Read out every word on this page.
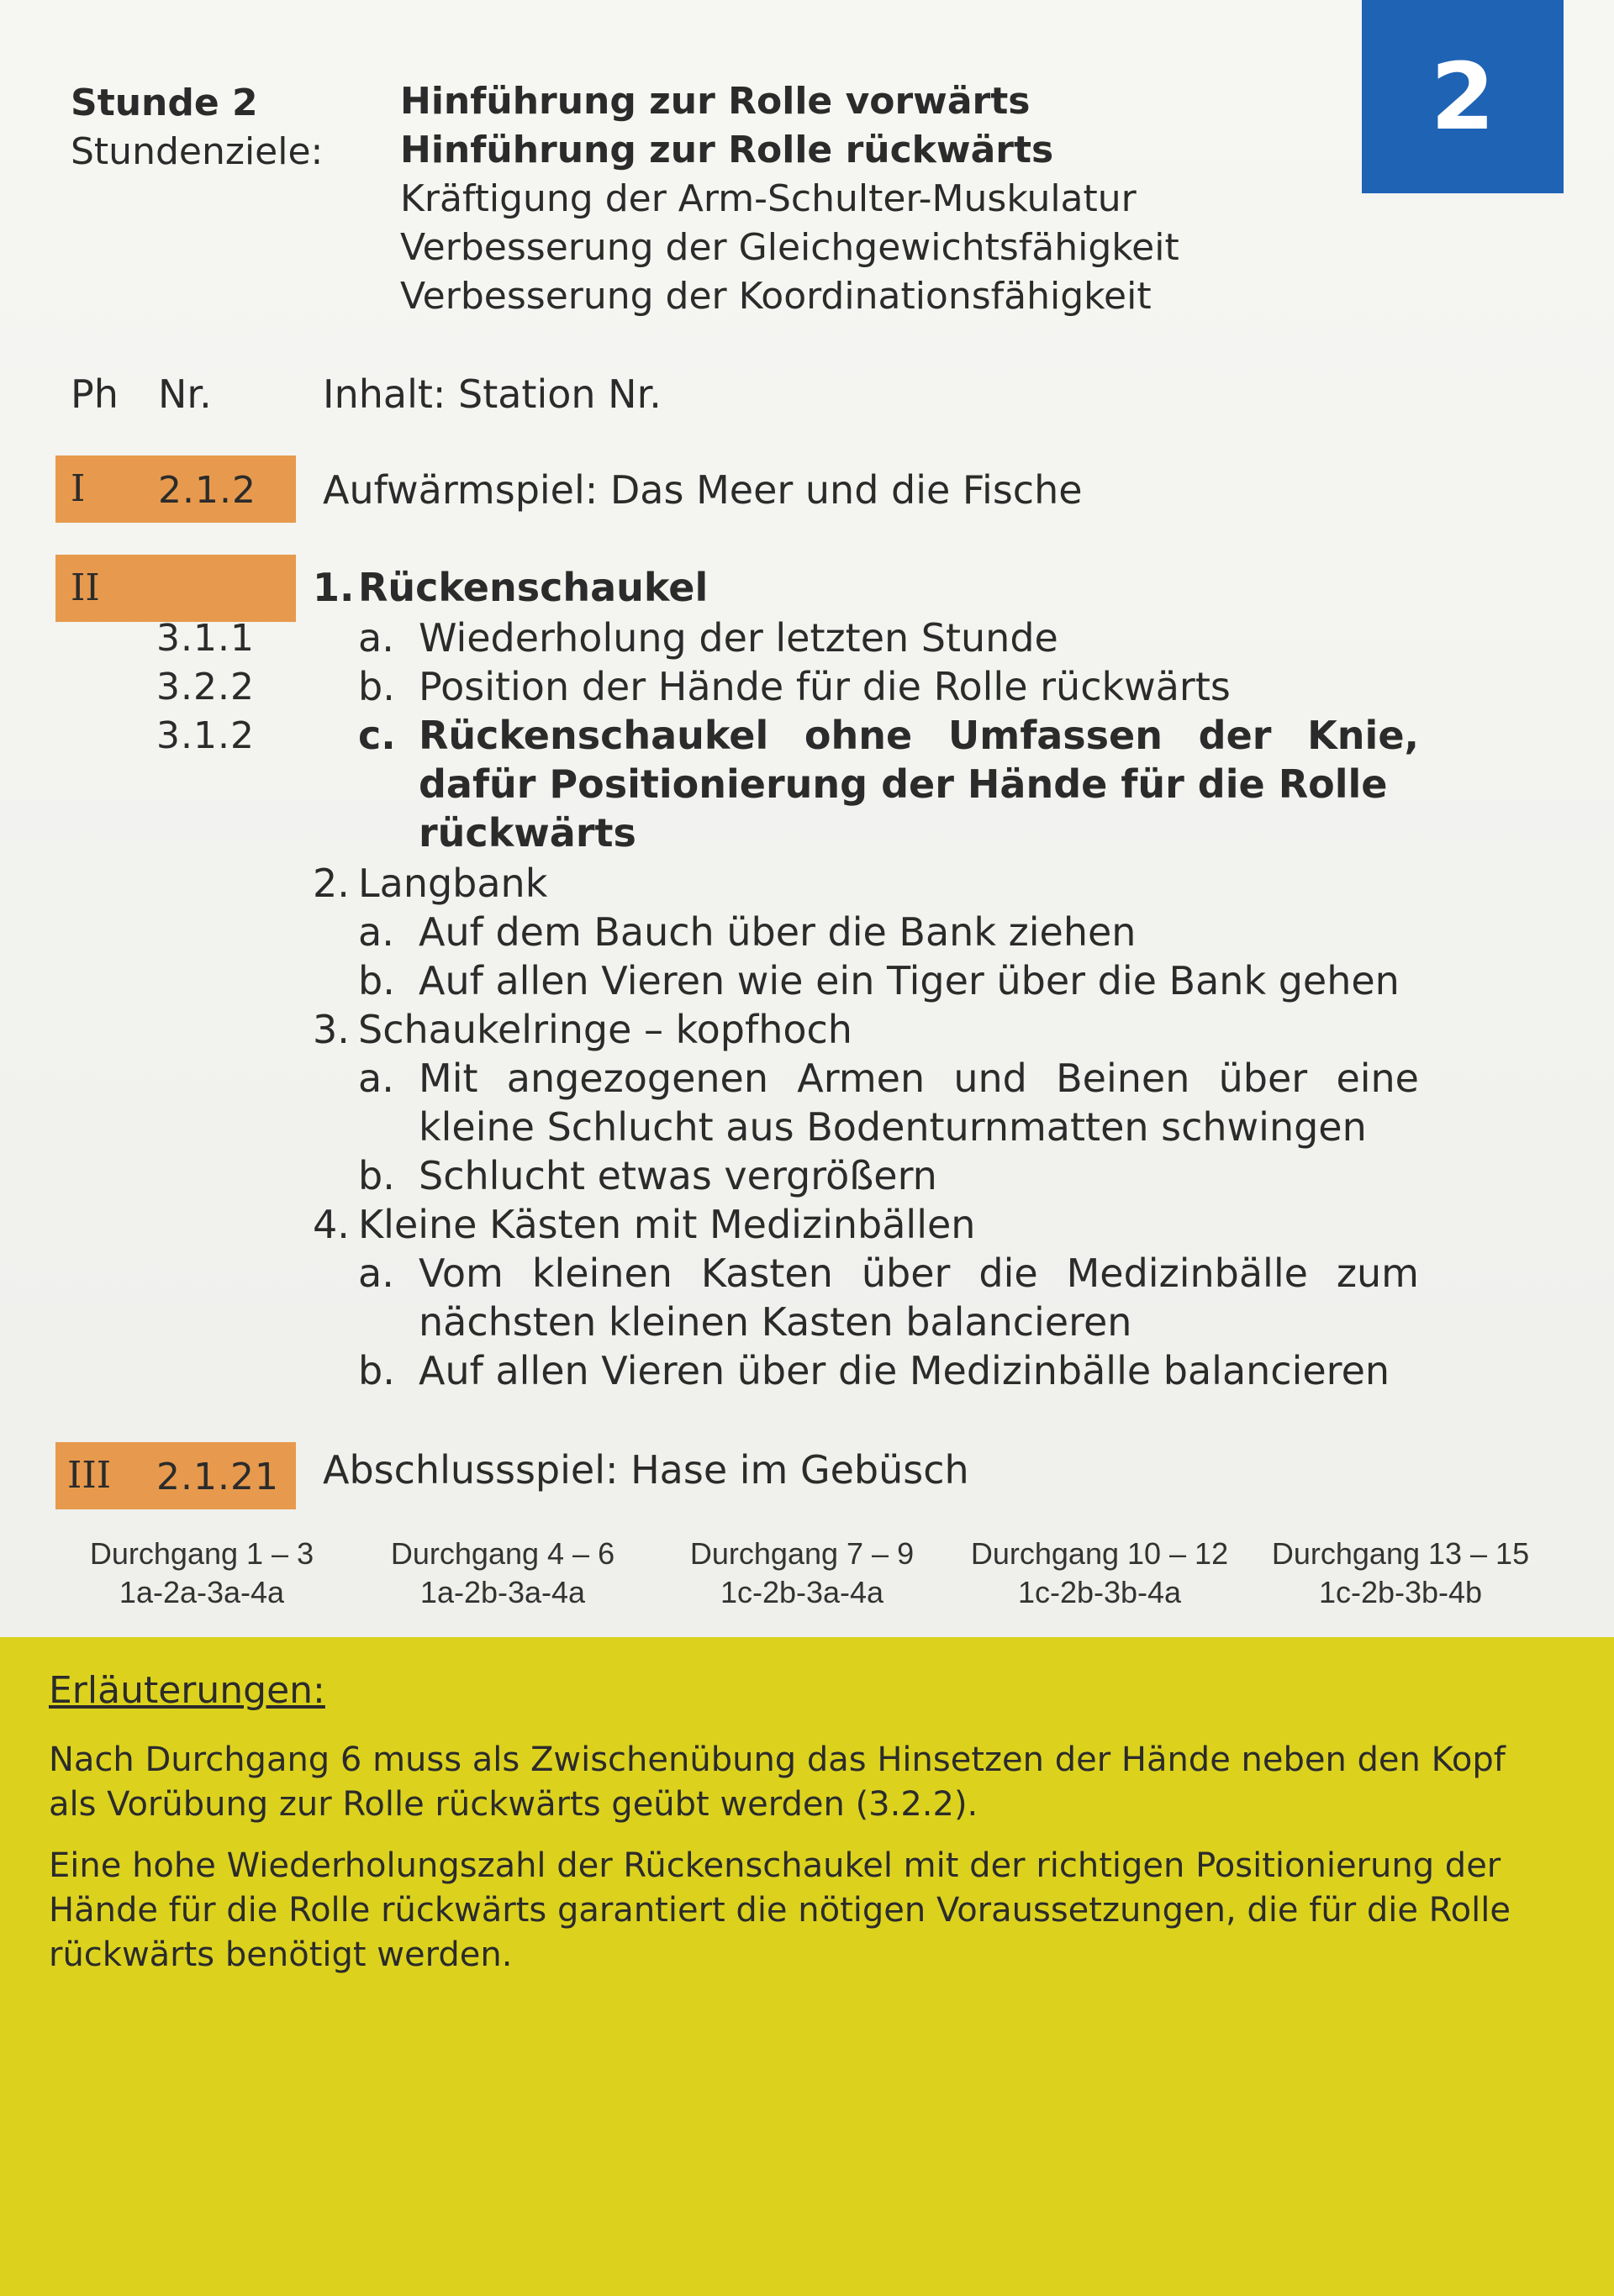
2
Stunde 2
Stundenziele:
Hinführung zur Rolle vorwärts
Hinführung zur Rolle rückwärts
Kräftigung der Arm-Schulter-Muskulatur
Verbesserung der Gleichgewichtsfähigkeit
Verbesserung der Koordinationsfähigkeit
Ph Nr.	Inhalt: Station Nr.
I 2.1.2 Aufwärmspiel: Das Meer und die Fische
II	1. Rückenschaukel
3.1.1	a. Wiederholung der letzten Stunde
3.2.2	b. Position der Hände für die Rolle rückwärts
3.1.2	c. Rückenschaukel ohne Umfassen der Knie,
dafür Positionierung der Hände für die Rolle
rückwärts
2. Langbank
a. Auf dem Bauch über die Bank ziehen
b. Auf allen Vieren wie ein Tiger über die Bank gehen
3. Schaukelringe – kopfhoch
a. Mit angezogenen Armen und Beinen über eine
kleine Schlucht aus Bodenturnmatten schwingen
b. Schlucht etwas vergrößern
4. Kleine Kästen mit Medizinbällen
a. Vom kleinen Kasten über die Medizinbälle zum
nächsten kleinen Kasten balancieren
b. Auf allen Vieren über die Medizinbälle balancieren
III 2.1.21 Abschlussspiel: Hase im Gebüsch
Durchgang 1 – 3
1a-2a-3a-4a
Durchgang 4 – 6
1a-2b-3a-4a
Durchgang 7 – 9
1c-2b-3a-4a
Durchgang 10 – 12
1c-2b-3b-4a
Durchgang 13 – 15
1c-2b-3b-4b
Erläuterungen:
Nach Durchgang 6 muss als Zwischenübung das Hinsetzen der Hände neben den Kopf als Vorübung zur Rolle rückwärts geübt werden (3.2.2).
Eine hohe Wiederholungszahl der Rückenschaukel mit der richtigen Positionierung der Hände für die Rolle rückwärts garantiert die nötigen Voraussetzungen, die für die Rolle rückwärts benötigt werden.
